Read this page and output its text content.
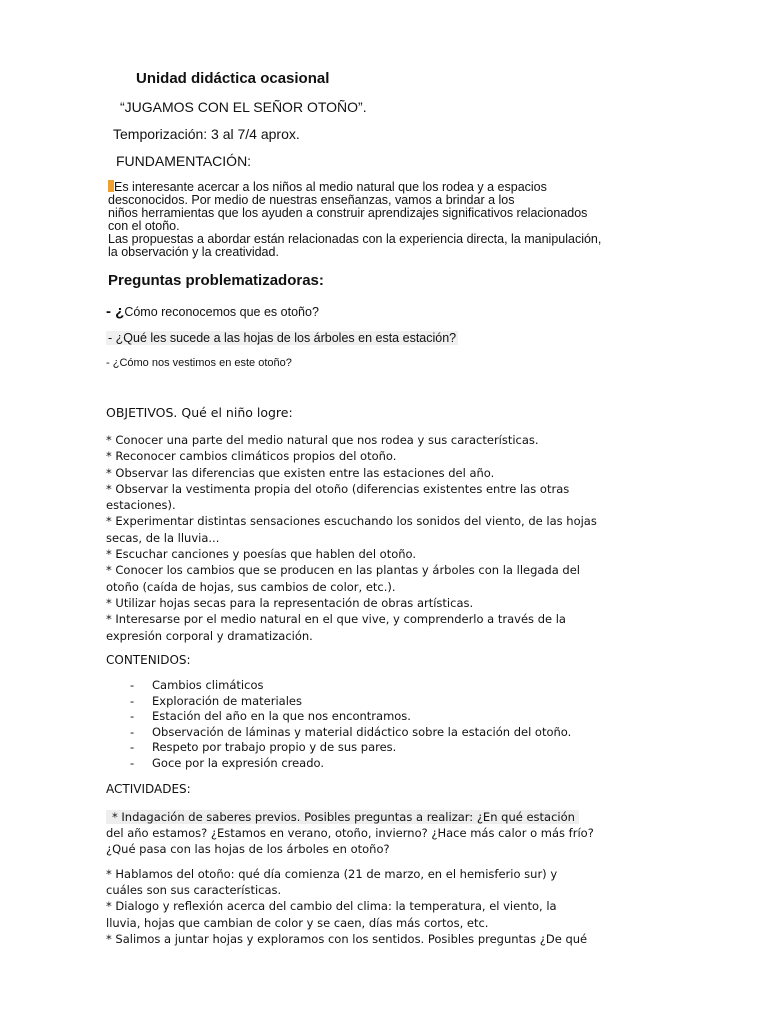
Unidad didáctica ocasional
“JUGAMOS CON EL SEÑOR OTOÑO”.
Temporización: 3 al 7/4 aprox.
FUNDAMENTACIÓN:

Es interesante acercar a los niños al medio natural que los rodea y a espacios

desconocidos. Por medio de nuestras enseñanzas, vamos a brindar a los

niños herramientas que los ayuden a construir aprendizajes significativos relacionados

con el otoño.

Las propuestas a abordar están relacionadas con la experiencia directa, la manipulación,

la observación y la creatividad.

Preguntas problematizadoras:
- ¿Cómo reconocemos que es otoño?
- ¿Qué les sucede a las hojas de los árboles en esta estación?
- ¿Cómo nos vestimos en este otoño?
OBJETIVOS. Qué el niño logre:
* Conocer una parte del medio natural que nos rodea y sus características.
* Reconocer cambios climáticos propios del otoño.
* Observar las diferencias que existen entre las estaciones del año.
* Observar la vestimenta propia del otoño (diferencias existentes entre las otras
estaciones).
* Experimentar distintas sensaciones escuchando los sonidos del viento, de las hojas
secas, de la lluvia...
* Escuchar canciones y poesías que hablen del otoño.
* Conocer los cambios que se producen en las plantas y árboles con la llegada del
otoño (caída de hojas, sus cambios de color, etc.).
* Utilizar hojas secas para la representación de obras artísticas.
* Interesarse por el medio natural en el que vive, y comprenderlo a través de la
expresión corporal y dramatización.
CONTENIDOS:
-	Cambios climáticos
-	Exploración de materiales
-	Estación del año en la que nos encontramos.
-	Observación de láminas y material didáctico sobre la estación del otoño.
-	Respeto por trabajo propio y de sus pares.
-	Goce por la expresión creado.
ACTIVIDADES:
* Indagación de saberes previos. Posibles preguntas a realizar: ¿En qué estación
del año estamos? ¿Estamos en verano, otoño, invierno? ¿Hace más calor o más frío?
¿Qué pasa con las hojas de los árboles en otoño?
* Hablamos del otoño: qué día comienza (21 de marzo, en el hemisferio sur) y
cuáles son sus características.
* Dialogo y reflexión acerca del cambio del clima: la temperatura, el viento, la
lluvia, hojas que cambian de color y se caen, días más cortos, etc.
* Salimos a juntar hojas y exploramos con los sentidos. Posibles preguntas ¿De qué
